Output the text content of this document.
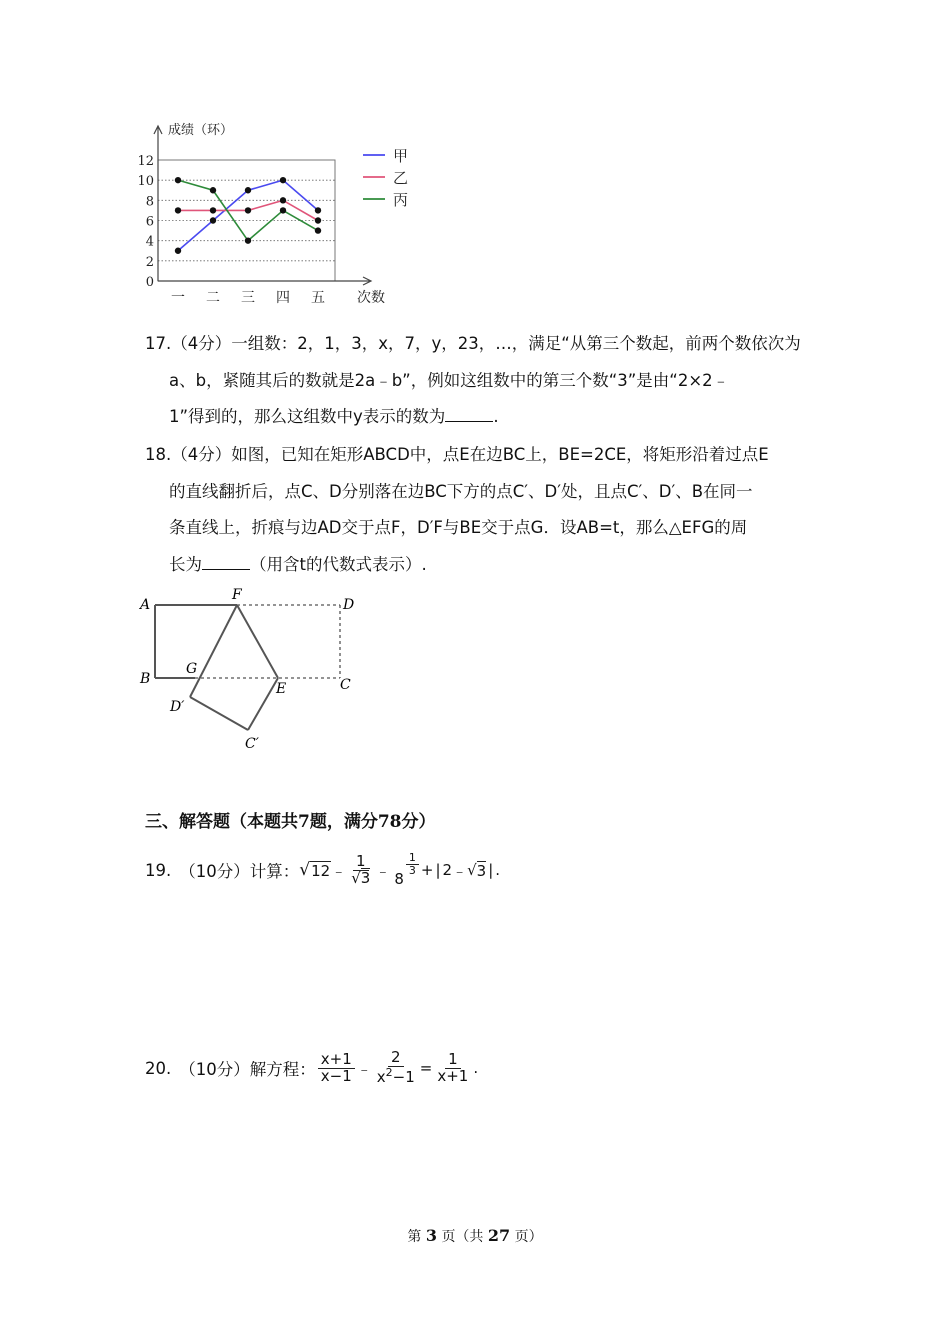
0
2
4
6
8
10
12
成绩（环）
次数
一 二 三 四 五
甲
乙
丙
17.（4分）一组数：2，1，3，x，7，y，23，…，满足“从第三个数起，前两个数依次为
a、b，紧随其后的数就是2a﹣b”，例如这组数中的第三个数“3”是由“2×2﹣
1”得到的，那么这组数中y表示的数为	.
18.（4分）如图，已知在矩形ABCD中，点E在边BC上，BE=2CE，将矩形沿着过点E
的直线翻折后，点C、D分别落在边BC下方的点C′、D′处，且点C′、D′、B在同一
条直线上，折痕与边AD交于点F，D′F与BE交于点G．设AB=t，那么△EFG的周
长为	（用含t的代数式表示）.
A
F
D
B
G
E	C
D′
C′
三、解答题（本题共7题，满分78分）
19. （10分）计算： √ 12 ﹣ $\frac{1}{√3}$ ﹣ 8
$\frac{1}{3}$ + | 2 ﹣ √ 3 | .
20. （10分）解方程： $\frac{x+1}{x-1}$ ﹣ $\frac{2}{x^2-1} = \frac{1}{x+1}$ .
第 3 页（共 27 页）
